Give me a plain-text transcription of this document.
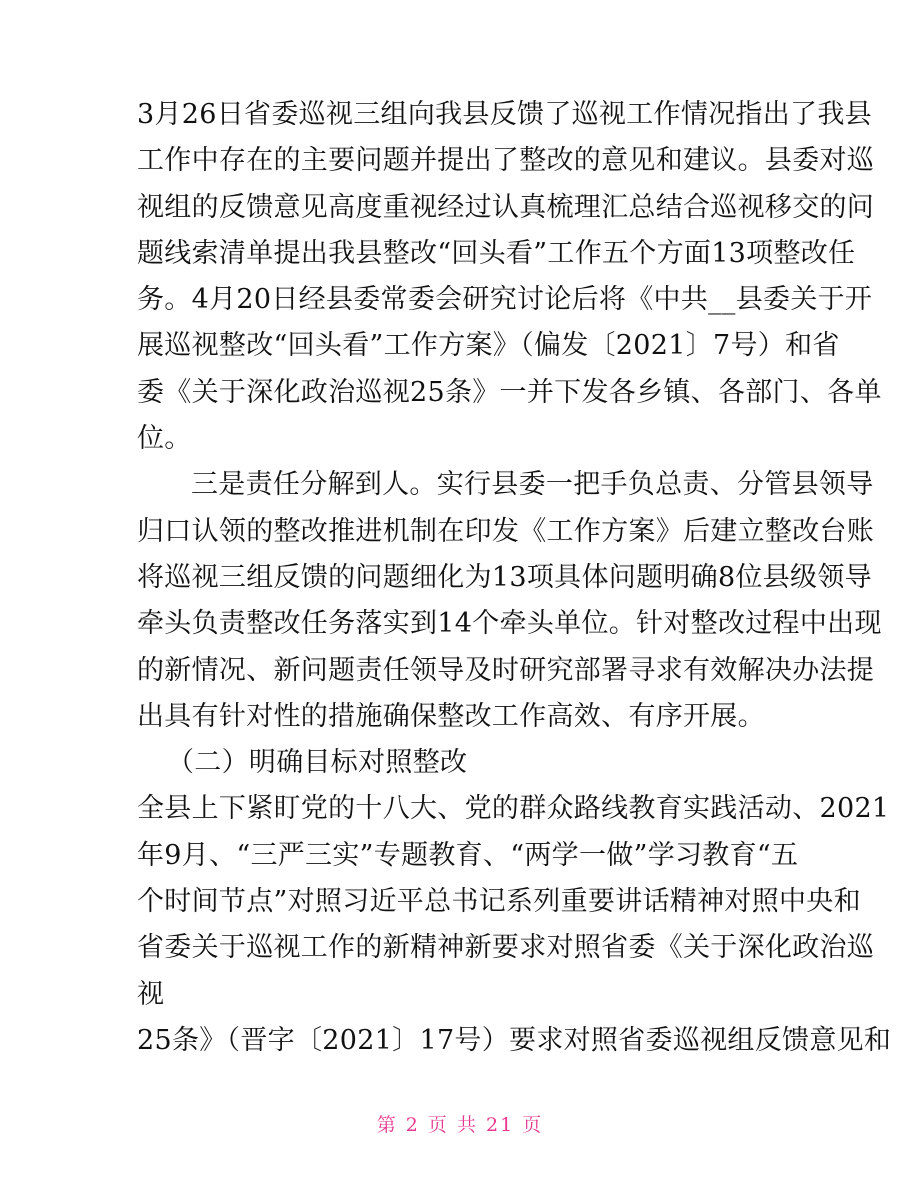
3月26日省委巡视三组向我县反馈了巡视工作情况指出了我县
工作中存在的主要问题并提出了整改的意见和建议。县委对巡
视组的反馈意见高度重视经过认真梳理汇总结合巡视移交的问
题线索清单提出我县整改“回头看”工作五个方面13项整改任
务。4月20日经县委常委会研究讨论后将《中共__县委关于开
展巡视整改“回头看”工作方案》（偏发〔2021〕7号）和省
委《关于深化政治巡视25条》一并下发各乡镇、各部门、各单
位。
三是责任分解到人。实行县委一把手负总责、分管县领导
归口认领的整改推进机制在印发《工作方案》后建立整改台账
将巡视三组反馈的问题细化为13项具体问题明确8位县级领导
牵头负责整改任务落实到14个牵头单位。针对整改过程中出现
的新情况、新问题责任领导及时研究部署寻求有效解决办法提
出具有针对性的措施确保整改工作高效、有序开展。
（二）明确目标对照整改
全县上下紧盯党的十八大、党的群众路线教育实践活动、2021
年9月、“三严三实”专题教育、“两学一做”学习教育“五
个时间节点”对照习近平总书记系列重要讲话精神对照中央和
省委关于巡视工作的新精神新要求对照省委《关于深化政治巡
视
25条》（晋字〔2021〕17号）要求对照省委巡视组反馈意见和
第 2 页 共 21 页
